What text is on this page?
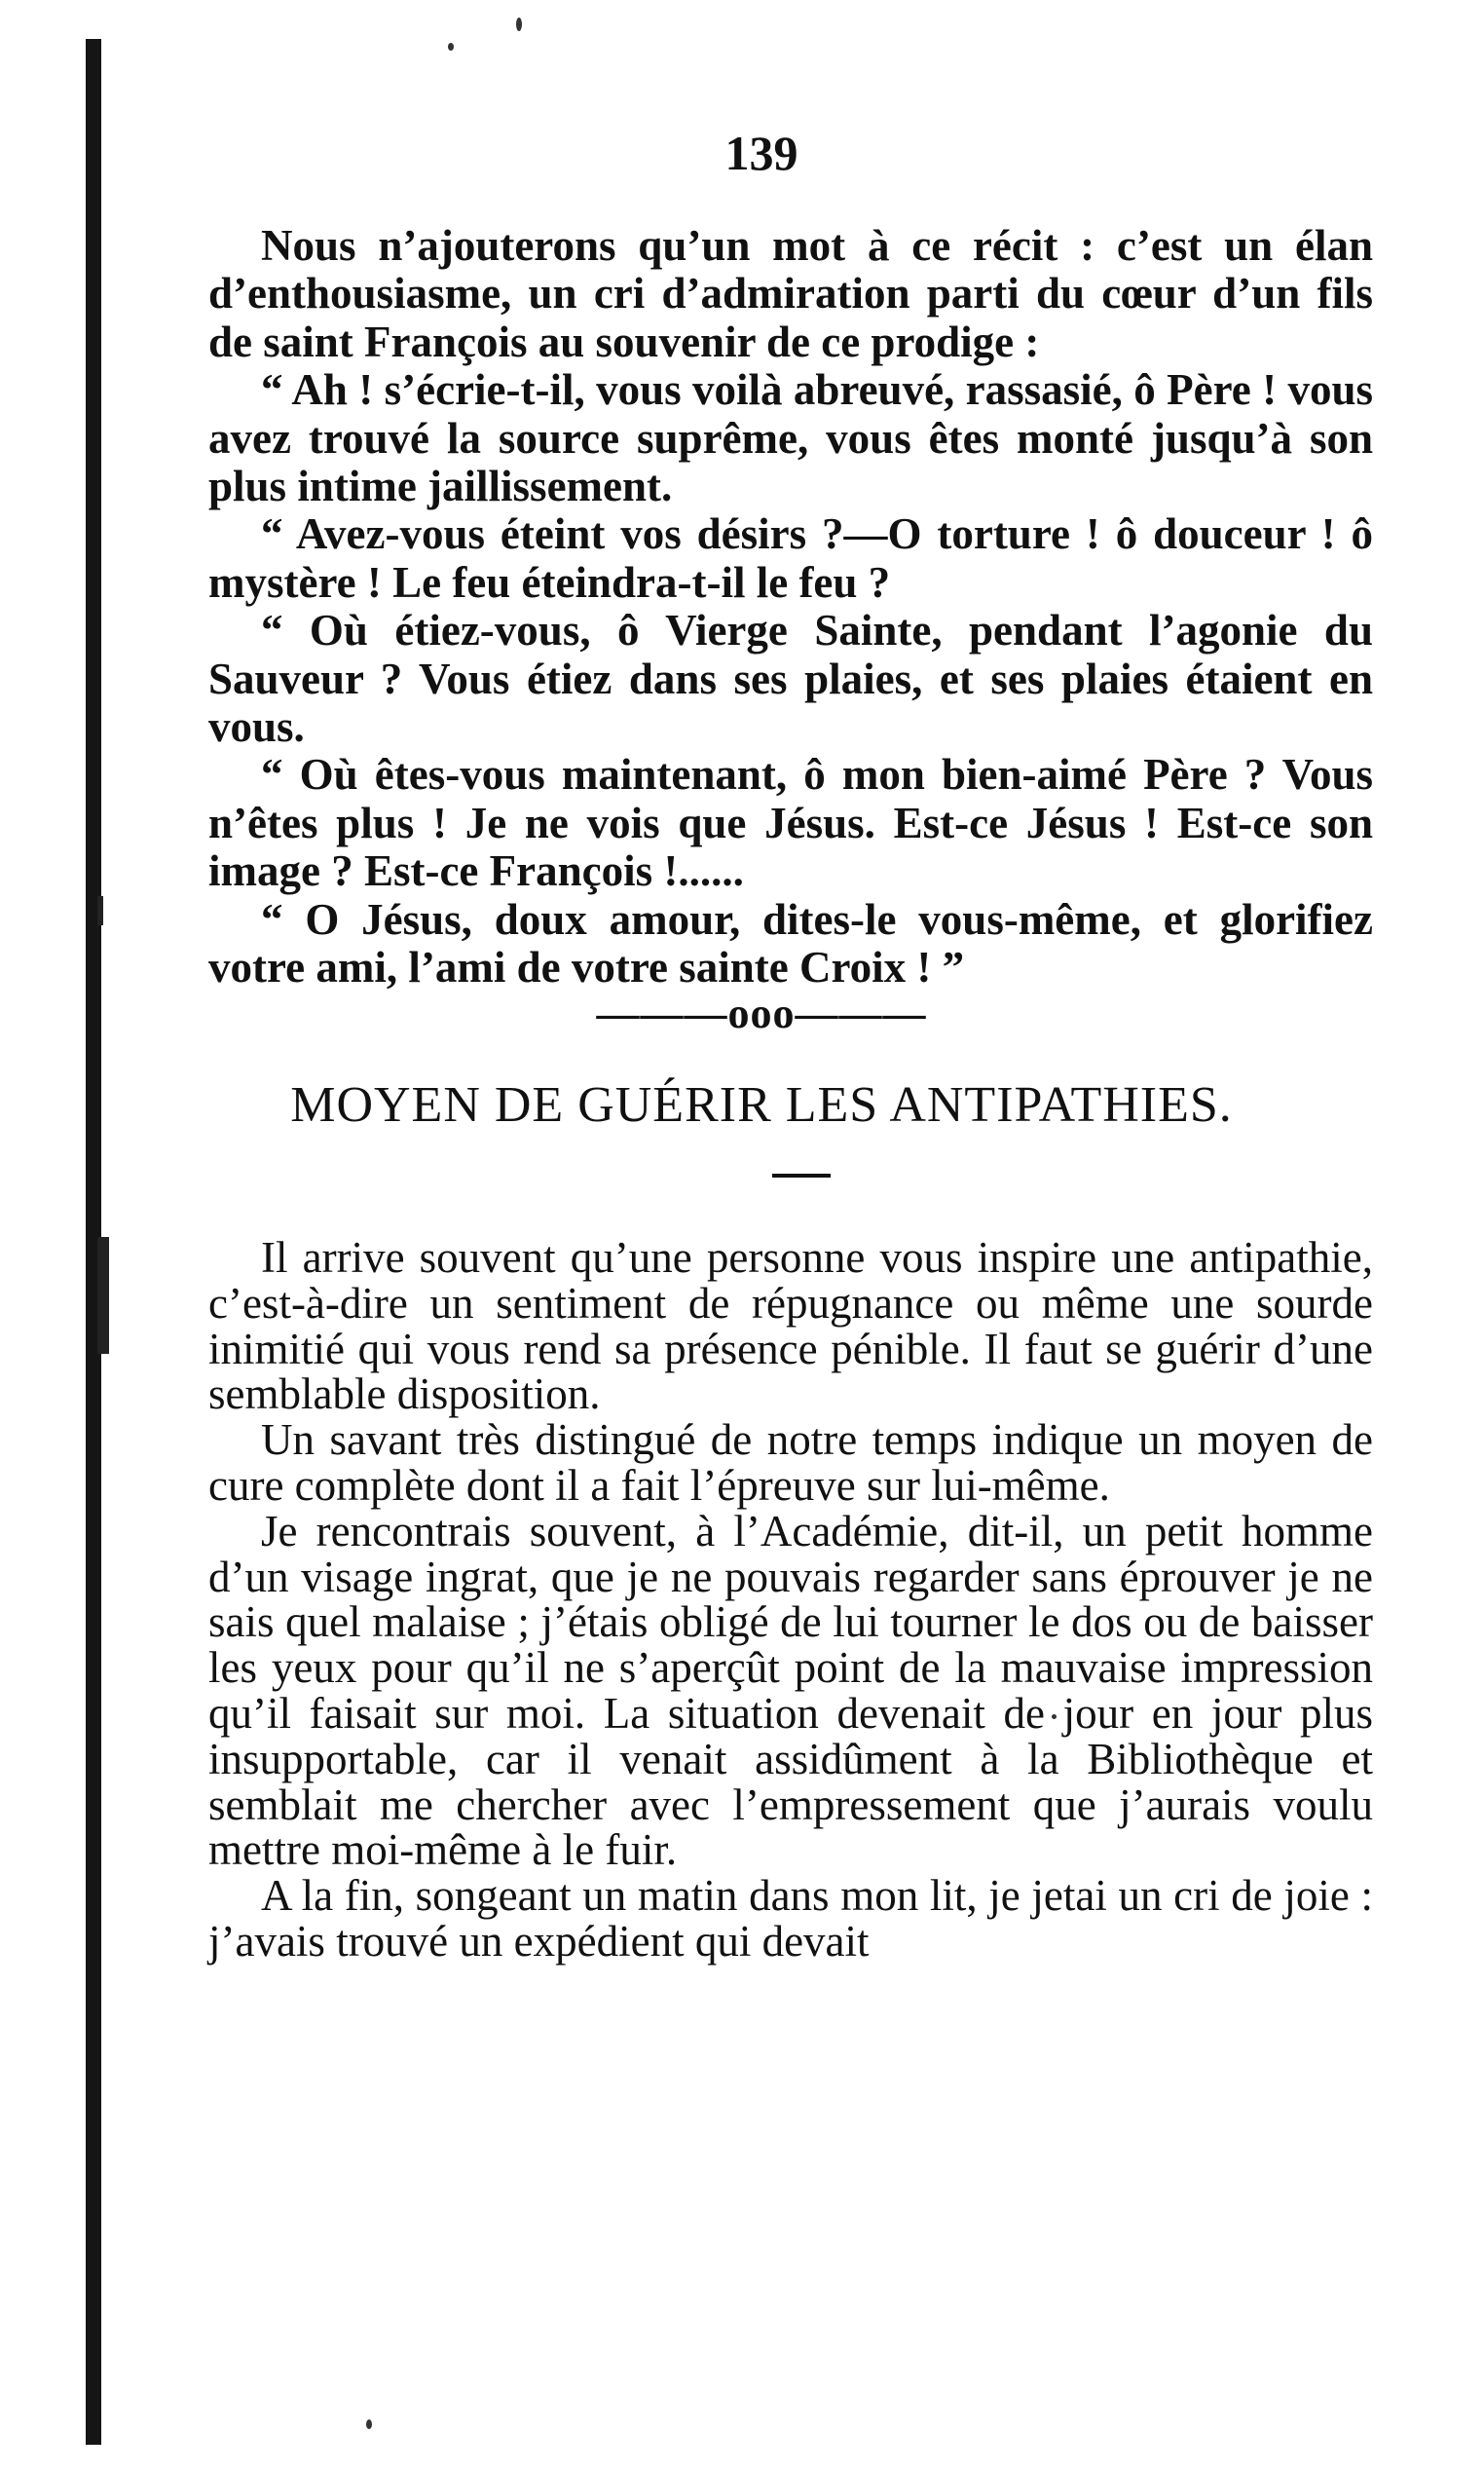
139

Nous n’ajouterons qu’un mot à ce récit : c’est un élan d’enthousiasme, un cri d’admiration parti du cœur d’un fils de saint François au souvenir de ce prodige :

“ Ah ! s’écrie-t-il, vous voilà abreuvé, rassasié, ô Père ! vous avez trouvé la source suprême, vous êtes monté jusqu’à son plus intime jaillissement.

“ Avez-vous éteint vos désirs ?—O torture ! ô douceur ! ô mystère ! Le feu éteindra-t-il le feu ?

“ Où étiez-vous, ô Vierge Sainte, pendant l’agonie du Sauveur ? Vous étiez dans ses plaies, et ses plaies étaient en vous.

“ Où êtes-vous maintenant, ô mon bien-aimé Père ? Vous n’êtes plus ! Je ne vois que Jésus. Est-ce Jésus ! Est-ce son image ? Est-ce François !......

“ O Jésus, doux amour, dites-le vous-même, et glorifiez votre ami, l’ami de votre sainte Croix ! ”

———ooo———
MOYEN DE GUÉRIR LES ANTIPATHIES.

Il arrive souvent qu’une personne vous inspire une antipathie, c’est-à-dire un sentiment de répugnance ou même une sourde inimitié qui vous rend sa présence pénible. Il faut se guérir d’une semblable disposition.

Un savant très distingué de notre temps indique un moyen de cure complète dont il a fait l’épreuve sur lui-même.

Je rencontrais souvent, à l’Académie, dit-il, un petit homme d’un visage ingrat, que je ne pouvais regarder sans éprouver je ne sais quel malaise ; j’étais obligé de lui tourner le dos ou de baisser les yeux pour qu’il ne s’aperçût point de la mauvaise impression qu’il faisait sur moi. La situation devenait de jour en jour plus insupportable, car il venait assidûment à la Bibliothèque et semblait me chercher avec l’empressement que j’aurais voulu mettre moi-même à le fuir.

A la fin, songeant un matin dans mon lit, je jetai un cri de joie : j’avais trouvé un expédient qui devait
